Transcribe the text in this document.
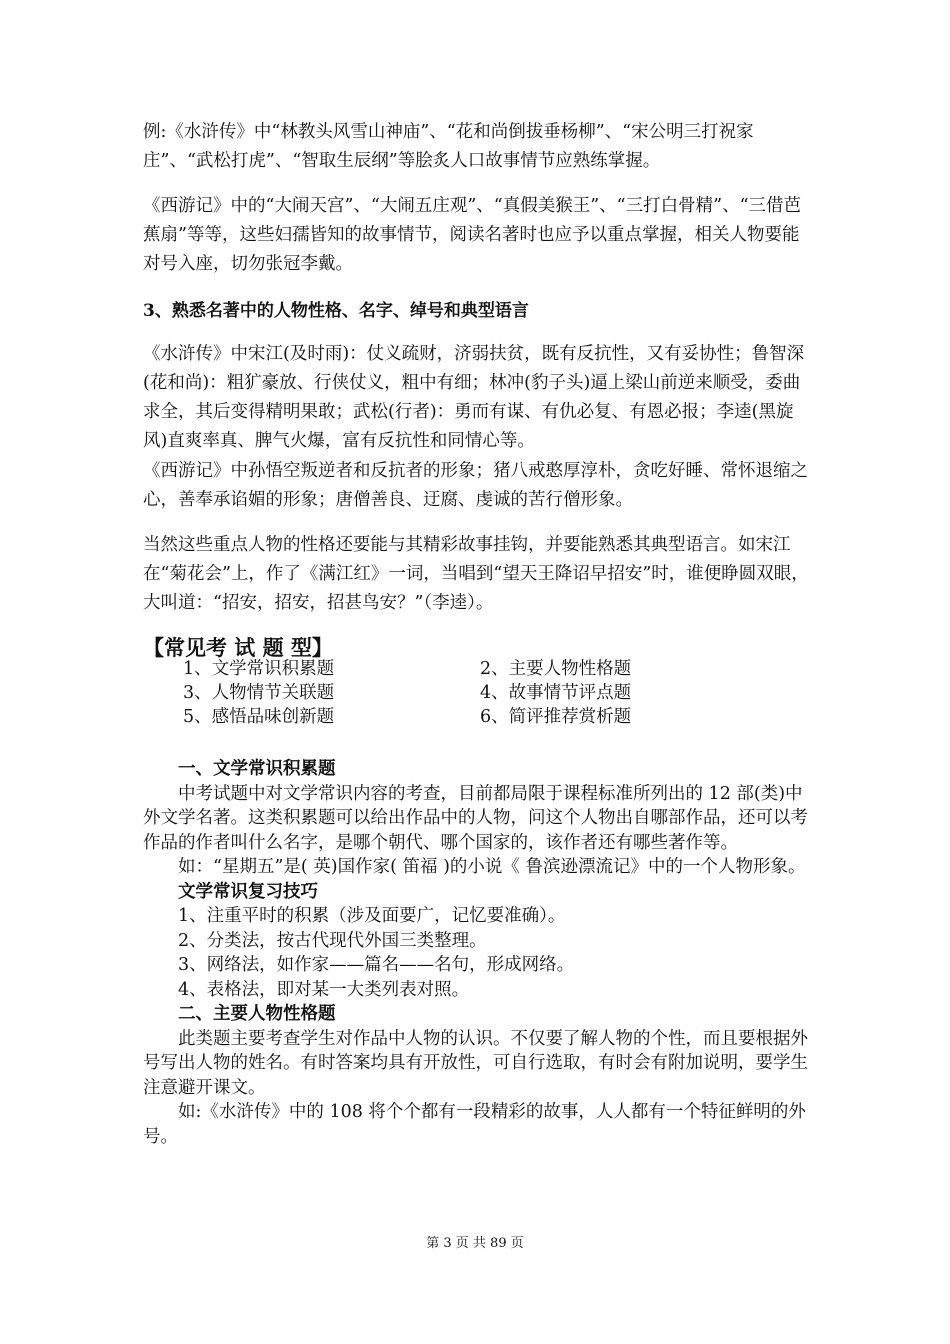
例:《水浒传》中“林教头风雪山神庙”、“花和尚倒拔垂杨柳”、“宋公明三打祝家庄”、“武松打虎”、“智取生辰纲”等脍炙人口故事情节应熟练掌握。

《西游记》中的“大闹天宫”、“大闹五庄观”、“真假美猴王”、“三打白骨精”、“三借芭蕉扇”等等，这些妇孺皆知的故事情节，阅读名著时也应予以重点掌握，相关人物要能对号入座，切勿张冠李戴。

3、熟悉名著中的人物性格、名字、绰号和典型语言

《水浒传》中宋江(及时雨)：仗义疏财，济弱扶贫，既有反抗性，又有妥协性；鲁智深(花和尚)：粗犷豪放、行侠仗义，粗中有细；林冲(豹子头)逼上梁山前逆来顺受，委曲求全，其后变得精明果敢；武松(行者)：勇而有谋、有仇必复、有恩必报；李逵(黑旋风)直爽率真、脾气火爆，富有反抗性和同情心等。

《西游记》中孙悟空叛逆者和反抗者的形象；猪八戒憨厚淳朴，贪吃好睡、常怀退缩之心，善奉承谄媚的形象；唐僧善良、迂腐、虔诚的苦行僧形象。

当然这些重点人物的性格还要能与其精彩故事挂钩，并要能熟悉其典型语言。如宋江在“菊花会”上，作了《满江红》一词，当唱到“望天王降诏早招安”时，谁便睁圆双眼，大叫道：“招安，招安，招甚鸟安？”（李逵）。

【常见考 试 题 型】
1、文学常识积累题	2、主要人物性格题
3、人物情节关联题	4、故事情节评点题
5、感悟品味创新题	6、简评推荐赏析题

一、文学常识积累题

中考试题中对文学常识内容的考查，目前都局限于课程标准所列出的 12 部(类)中外文学名著。这类积累题可以给出作品中的人物，问这个人物出自哪部作品，还可以考作品的作者叫什么名字，是哪个朝代、哪个国家的，该作者还有哪些著作等。

如：“星期五”是( 英)国作家( 笛福 )的小说《 鲁滨逊漂流记》中的一个人物形象。

文学常识复习技巧

1、注重平时的积累（涉及面要广，记忆要准确）。

2、分类法，按古代现代外国三类整理。

3、网络法，如作家——篇名——名句，形成网络。

4、表格法，即对某一大类列表对照。

二、主要人物性格题

此类题主要考查学生对作品中人物的认识。不仅要了解人物的个性，而且要根据外号写出人物的姓名。有时答案均具有开放性，可自行选取，有时会有附加说明，要学生注意避开课文。

如:《水浒传》中的 108 将个个都有一段精彩的故事，人人都有一个特征鲜明的外号。

第 3 页 共 89 页
